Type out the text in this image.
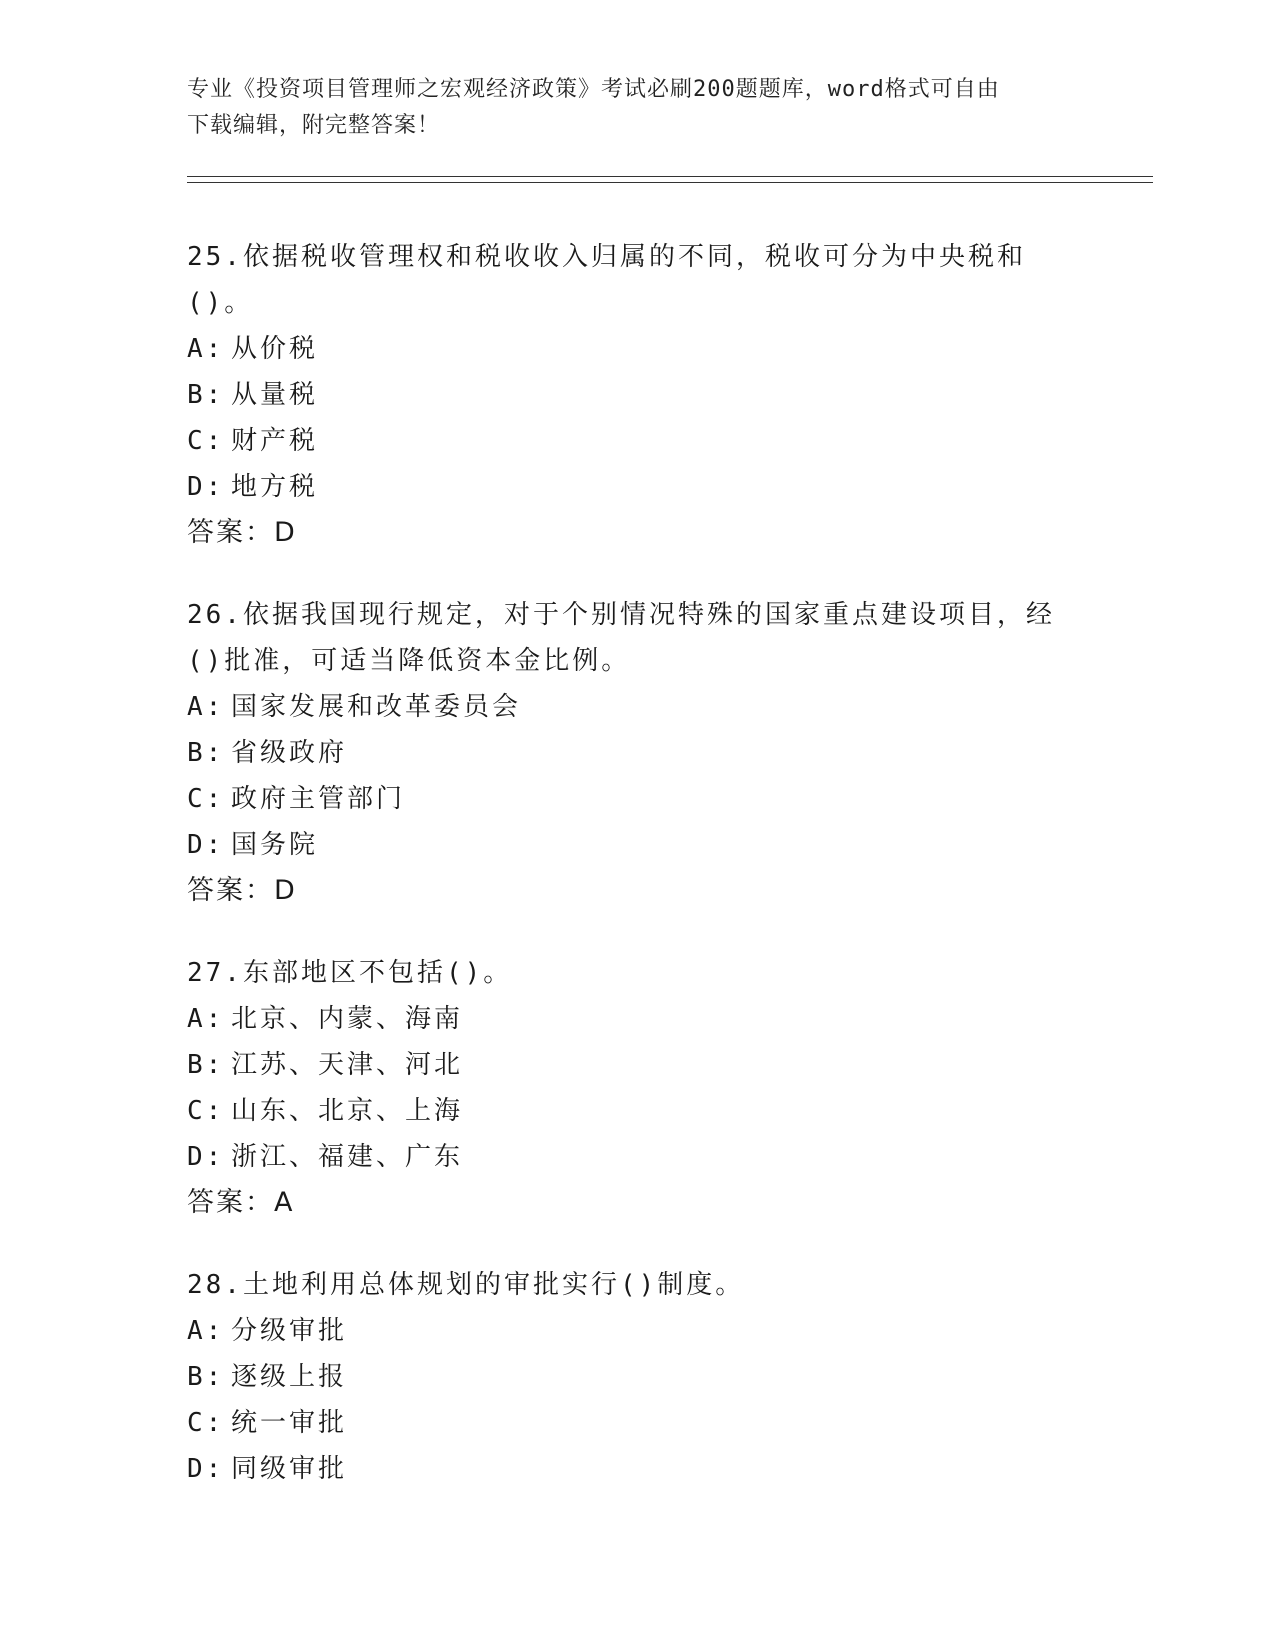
专业《投资项目管理师之宏观经济政策》考试必刷200题题库，word格式可自由
下载编辑，附完整答案！

25.依据税收管理权和税收收入归属的不同，税收可分为中央税和()。

A: 从价税

B: 从量税

C: 财产税

D: 地方税

答案：D

26.依据我国现行规定，对于个别情况特殊的国家重点建设项目，经()批准，可适当降低资本金比例。

A: 国家发展和改革委员会

B: 省级政府

C: 政府主管部门

D: 国务院

答案：D

27.东部地区不包括()。

A: 北京、内蒙、海南

B: 江苏、天津、河北

C: 山东、北京、上海

D: 浙江、福建、广东

答案：A

28.土地利用总体规划的审批实行()制度。

A: 分级审批

B: 逐级上报

C: 统一审批

D: 同级审批
